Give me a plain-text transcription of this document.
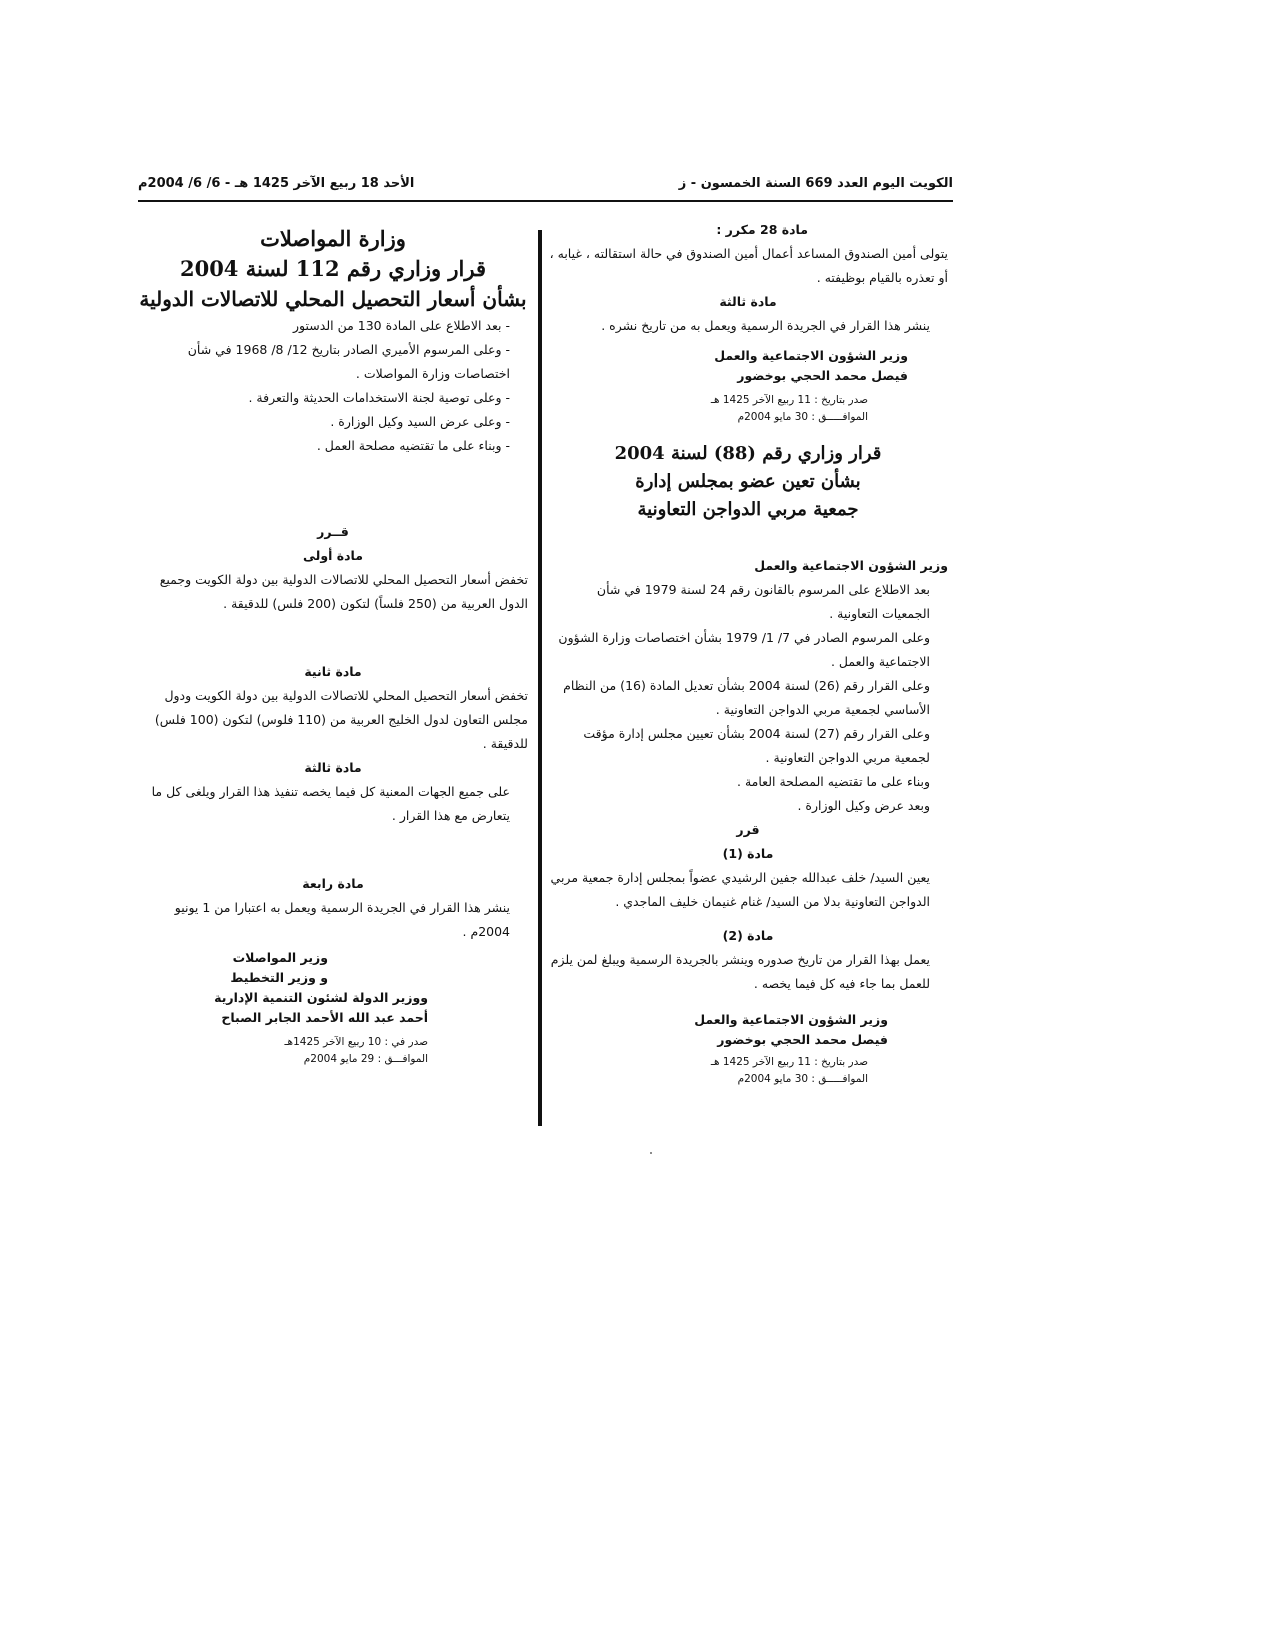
الكويت اليوم العدد 669 السنة الخمسون - ز
الأحد 18 ربيع الآخر 1425 هـ - 6/ 6/ 2004م

مادة 28 مكرر :

يتولى أمين الصندوق المساعد أعمال أمين الصندوق في حالة استقالته ، غيابه ، أو تعذره بالقيام بوظيفته .

مادة ثالثة

ينشر هذا القرار في الجريدة الرسمية ويعمل به من تاريخ نشره .

وزير الشؤون الاجتماعية والعمل

فيصل محمد الحجي بوخضور

صدر بتاريخ : 11 ربيع الآخر 1425 هـ

الموافـــــق : 30 مايو 2004م

قرار وزاري رقم (88) لسنة 2004

بشأن تعين عضو بمجلس إدارة

جمعية مربي الدواجن التعاونية

وزير الشؤون الاجتماعية والعمل

بعد الاطلاع على المرسوم بالقانون رقم 24 لسنة 1979 في شأن الجمعيات التعاونية .

وعلى المرسوم الصادر في 7/ 1/ 1979 بشأن اختصاصات وزارة الشؤون الاجتماعية والعمل .

وعلى القرار رقم (26) لسنة 2004 بشأن تعديل المادة (16) من النظام الأساسي لجمعية مربي الدواجن التعاونية .

وعلى القرار رقم (27) لسنة 2004 بشأن تعيين مجلس إدارة مؤقت لجمعية مربي الدواجن التعاونية .

وبناء على ما تقتضيه المصلحة العامة .

وبعد عرض وكيل الوزارة .

قرر

مادة (1)

يعين السيد/ خلف عبدالله جفين الرشيدي عضواً بمجلس إدارة جمعية مربي الدواجن التعاونية بدلا من السيد/ غنام غنيمان خليف الماجدي .

مادة (2)

يعمل بهذا القرار من تاريخ صدوره وينشر بالجريدة الرسمية ويبلغ لمن يلزم للعمل بما جاء فيه كل فيما يخصه .

وزير الشؤون الاجتماعية والعمل

فيصل محمد الحجي بوخضور

صدر بتاريخ : 11 ربيع الآخر 1425 هـ

الموافـــــق : 30 مايو 2004م

وزارة المواصلات

قرار وزاري رقم 112 لسنة 2004

بشأن أسعار التحصيل المحلي للاتصالات الدولية

- بعد الاطلاع على المادة 130 من الدستور

- وعلى المرسوم الأميري الصادر بتاريخ 12/ 8/ 1968 في شأن اختصاصات وزارة المواصلات .

- وعلى توصية لجنة الاستخدامات الحديثة والتعرفة .

- وعلى عرض السيد وكيل الوزارة .

- وبناء على ما تقتضيه مصلحة العمل .

قــرر

مادة أولى

تخفض أسعار التحصيل المحلي للاتصالات الدولية بين دولة الكويت وجميع الدول العربية من (250 فلساً) لتكون (200 فلس) للدقيقة .

مادة ثانية

تخفض أسعار التحصيل المحلي للاتصالات الدولية بين دولة الكويت ودول مجلس التعاون لدول الخليج العربية من (110 فلوس) لتكون (100 فلس) للدقيقة .

مادة ثالثة

على جميع الجهات المعنية كل فيما يخصه تنفيذ هذا القرار ويلغى كل ما يتعارض مع هذا القرار .

مادة رابعة

ينشر هذا القرار في الجريدة الرسمية ويعمل به اعتبارا من 1 يونيو 2004م .

وزير المواصلات

و وزير التخطيط

ووزير الدولة لشئون التنمية الإدارية

أحمد عبد الله الأحمد الجابر الصباح

صدر في : 10 ربيع الآخر 1425هـ

الموافـــق : 29 مايو 2004م
